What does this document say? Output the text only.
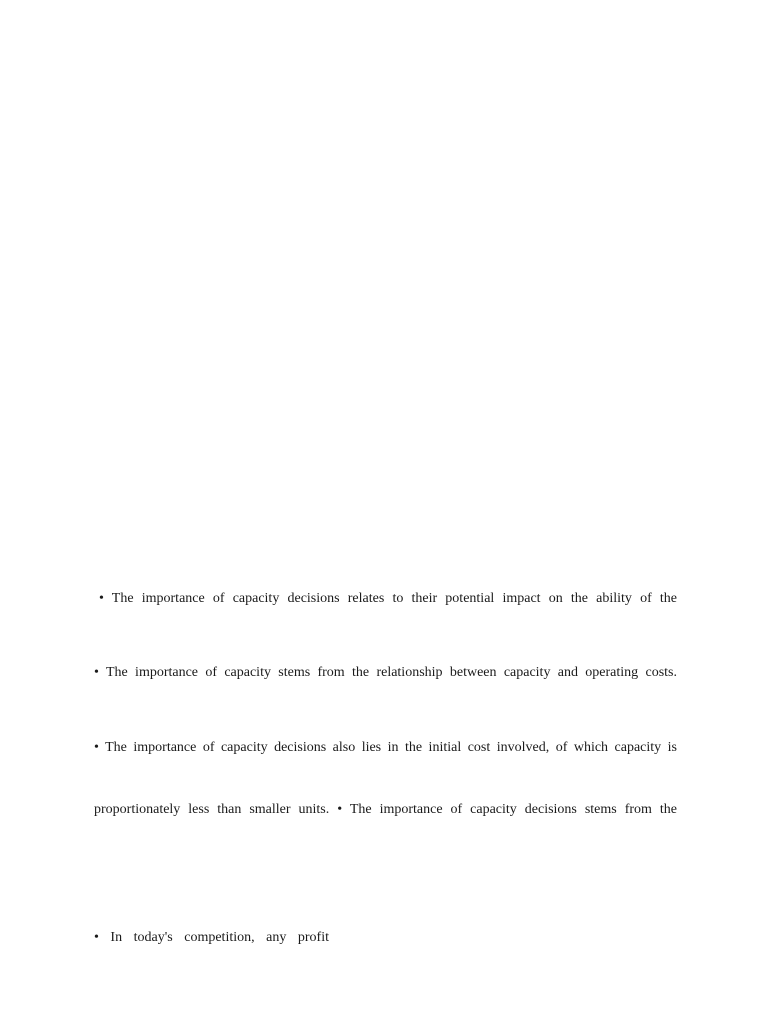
• The importance of capacity decisions relates to their potential impact on the ability of the
• The importance of capacity stems from the relationship between capacity and operating costs.
• The importance of capacity decisions also lies in the initial cost involved, of which capacity is
proportionately less than smaller units. • The importance of capacity decisions stems from the
• In today's competition, any profit
